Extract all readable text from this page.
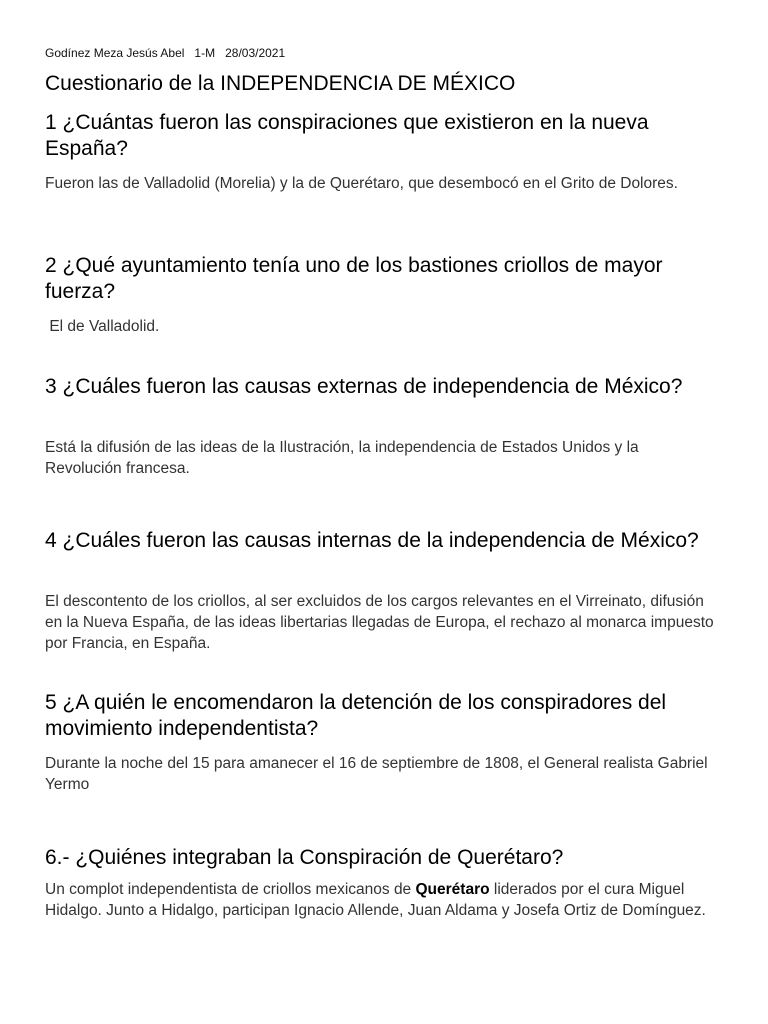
Godínez Meza Jesús Abel 1-M 28/03/2021
Cuestionario de la INDEPENDENCIA DE MÉXICO
1 ¿Cuántas fueron las conspiraciones que existieron en la nueva España?
Fueron las de Valladolid (Morelia) y la de Querétaro, que desembocó en el Grito de Dolores.
2 ¿Qué ayuntamiento tenía uno de los bastiones criollos de mayor fuerza?
El de Valladolid.
3 ¿Cuáles fueron las causas externas de independencia de México?
Está la difusión de las ideas de la Ilustración, la independencia de Estados Unidos y la Revolución francesa.
4 ¿Cuáles fueron las causas internas de la independencia de México?
El descontento de los criollos, al ser excluidos de los cargos relevantes en el Virreinato, difusión en la Nueva España, de las ideas libertarias llegadas de Europa, el rechazo al monarca impuesto por Francia, en España.
5 ¿A quién le encomendaron la detención de los conspiradores del movimiento independentista?
Durante la noche del 15 para amanecer el 16 de septiembre de 1808, el General realista Gabriel Yermo
6.- ¿Quiénes integraban la Conspiración de Querétaro?
Un complot independentista de criollos mexicanos de Querétaro liderados por el cura Miguel Hidalgo. Junto a Hidalgo, participan Ignacio Allende, Juan Aldama y Josefa Ortiz de Domínguez.
